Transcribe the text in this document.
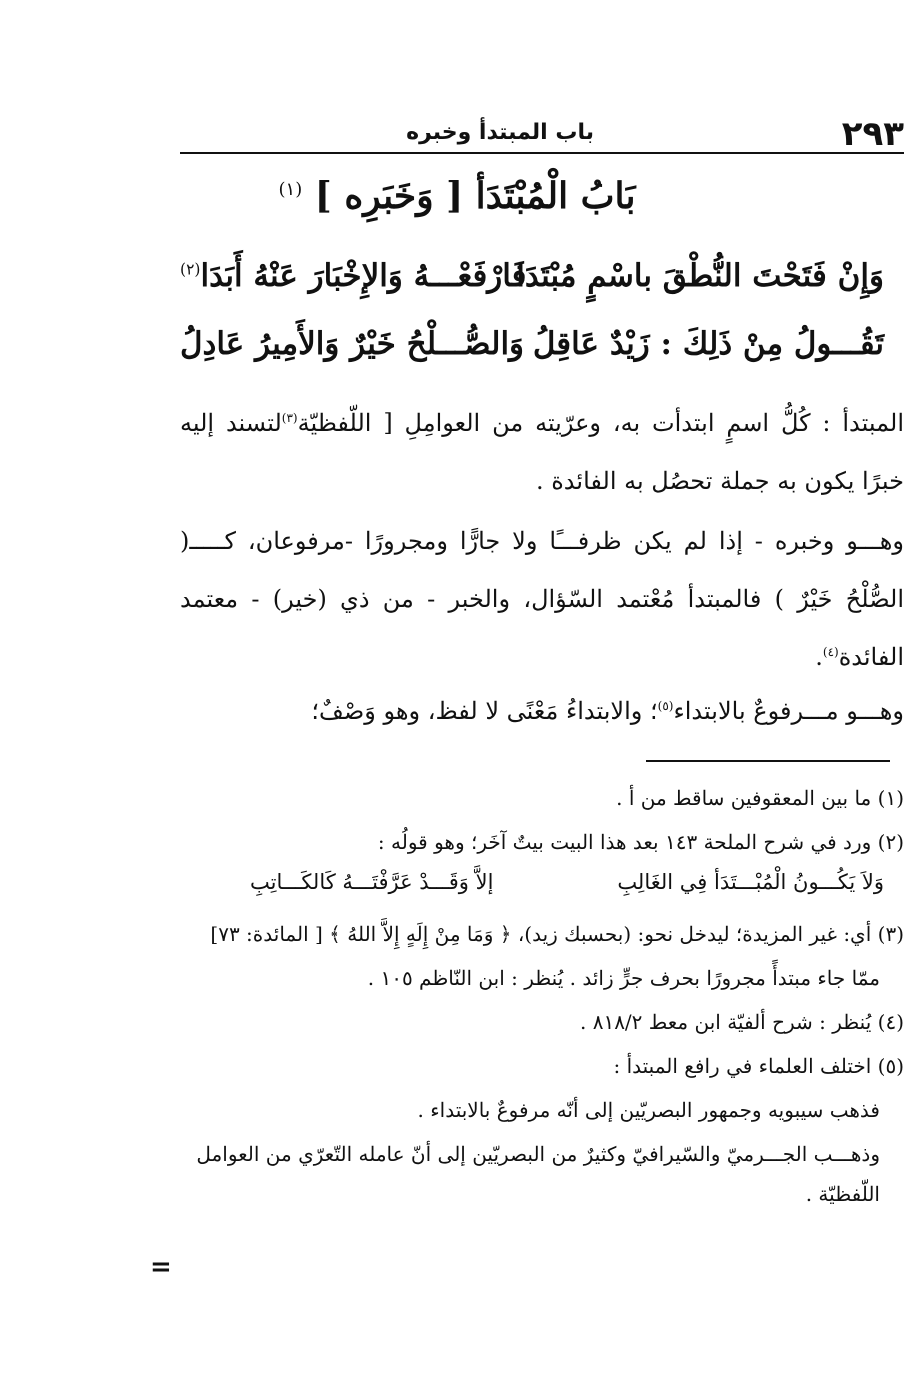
٢٩٣
باب المبتدأ وخبره
بَابُ الْمُبْتَدَأ [ وَخَبَرِه ] $^{(١)}$
وَإِنْ فَتَحْتَ النُّطْقَ باسْمٍ مُبْتَدَا
فَارْفَعْـــهُ وَالإِخْبَارَ عَنْهُ أَبَدَا$^{(٢)}$
تَقُـــولُ مِنْ ذَلِكَ : زَيْدٌ عَاقِلُ
وَالصُّـــلْحُ خَيْرٌ وَالأَمِيرُ عَادِلُ

المبتدأ : كُلُّ اسمٍ ابتدأت به، وعرّيته من العوامِلِ [ اللّفظيّة$^{(٣)}$لتسند إليه خبرًا يكون به جملة تحصُل به الفائدة .

وهـــو وخبره - إذا لم يكن ظرفـــًا ولا جارًّا ومجرورًا -مرفوعان، كـــــ( الصُّلْحُ خَيْرٌ ) فالمبتدأ مُعْتمد السّؤال، والخبر - من ذي (خير) - معتمد الفائدة$^{(٤)}$.

وهـــو مـــرفوعٌ بالابتداء$^{(٥)}$؛ والابتداءُ مَعْنًى لا لفظ، وهو وَصْفٌ؛

(١) ما بين المعقوفين ساقط من أ .
(٢) ورد في شرح الملحة ١٤٣ بعد هذا البيت بيتٌ آخَر؛ وهو قولُه :
وَلاَ يَكُـــونُ الْمُبْـــتَدَأ فِي الغَالِبِ
إلاَّ وَقَـــدْ عَرَّفْتَـــهُ كَالكَـــاتِبِ
(٣) أي: غير المزيدة؛ ليدخل نحو: (بحسبك زيد)، ﴿ وَمَا مِنْ إِلَهٍ إِلاَّ اللهُ ﴾ [ المائدة: ٧٣]
ممّا جاء مبتدأً مجرورًا بحرف جرٍّ زائد . يُنظر : ابن النّاظم ١٠٥ .
(٤) يُنظر : شرح ألفيّة ابن معط ٨١٨/٢ .
(٥) اختلف العلماء في رافع المبتدأ :
فذهب سيبويه وجمهور البصريّين إلى أنّه مرفوعٌ بالابتداء .
وذهـــب الجـــرميّ والسّيرافيّ وكثيرٌ من البصريّين إلى أنّ عامله التّعرّي من العوامل اللّفظيّة .
=
